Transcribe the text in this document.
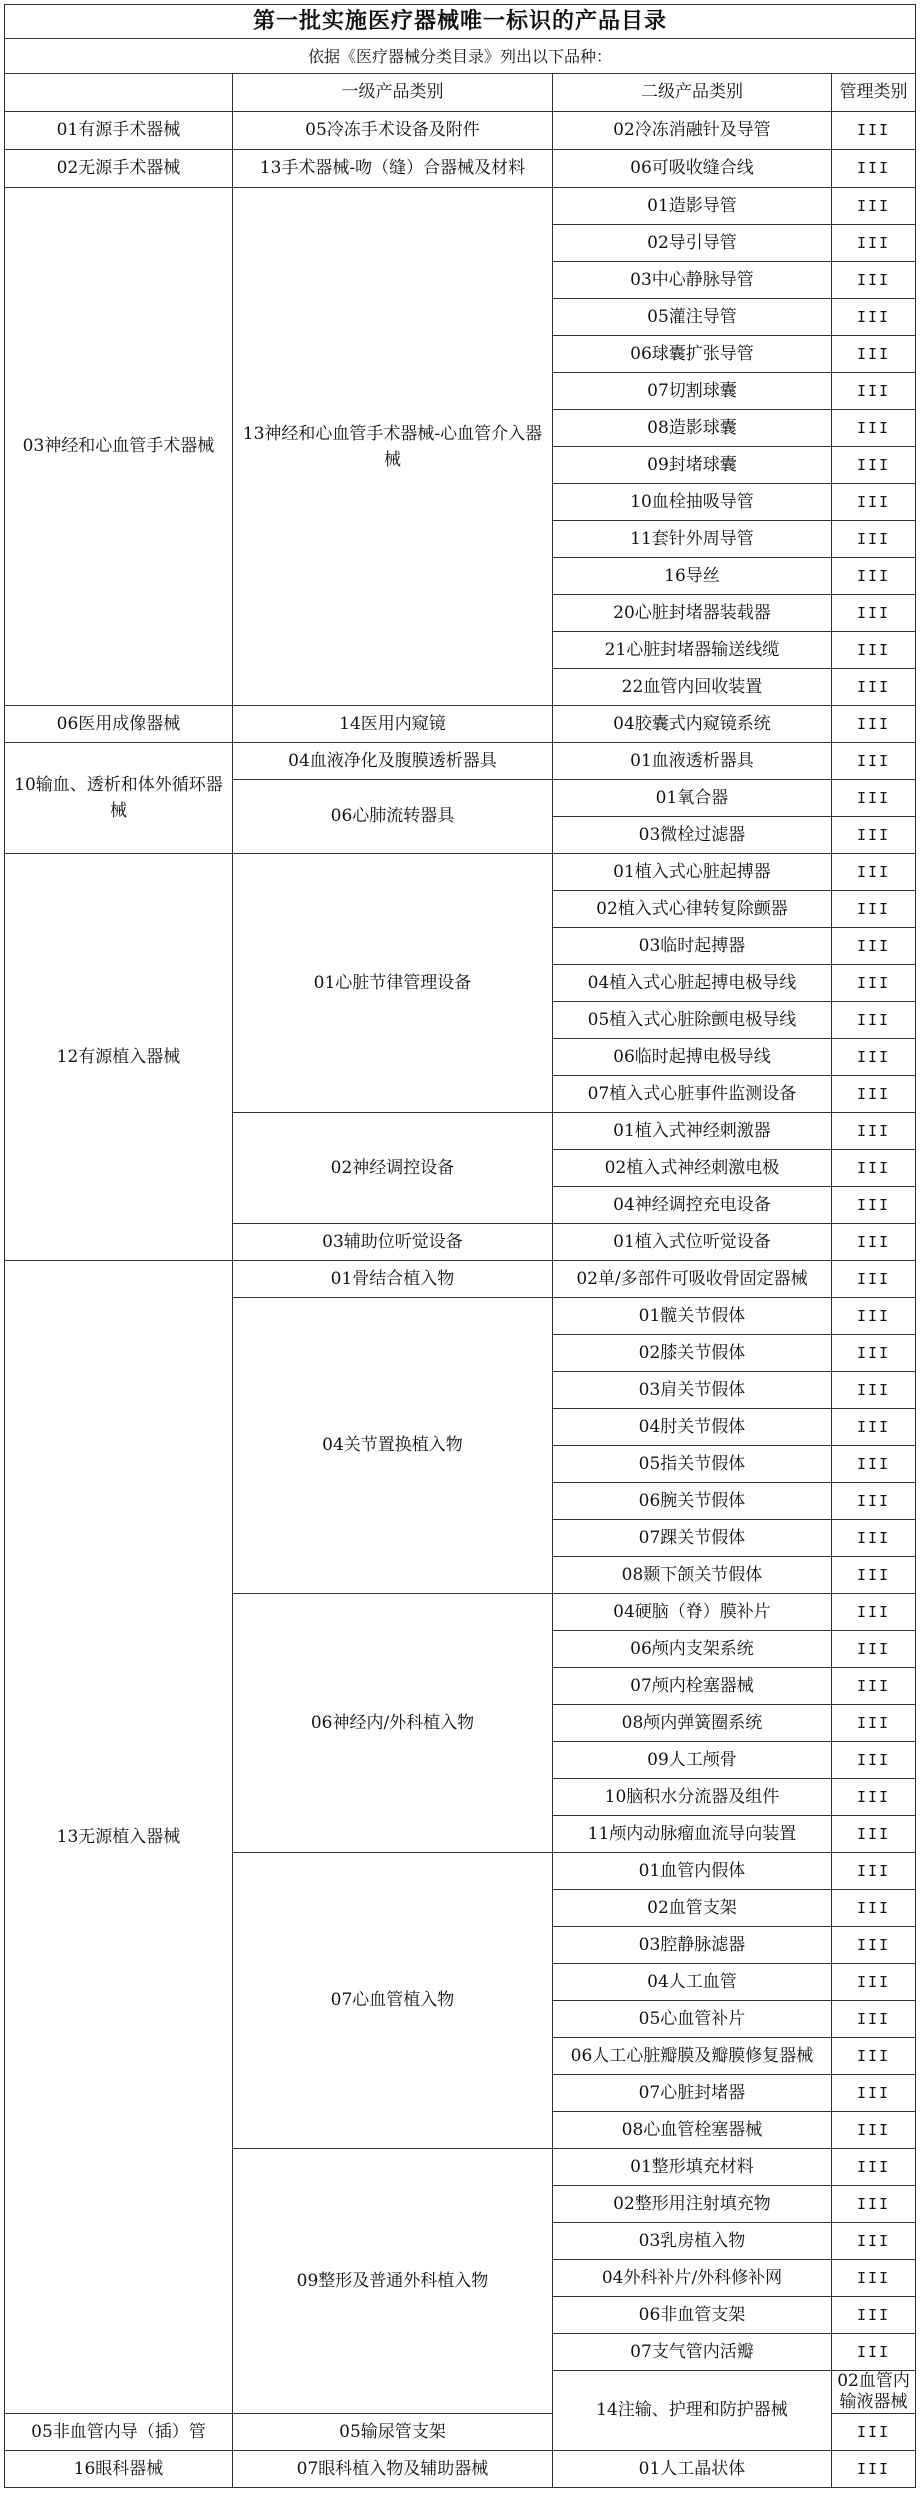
第一批实施医疗器械唯一标识的产品目录				
依据《医疗器械分类目录》列出以下品种：				
	一级产品类别	二级产品类别	管理类别	
01有源手术器械	05冷冻手术设备及附件	02冷冻消融针及导管	III	
02无源手术器械	13手术器械-吻（缝）合器械及材料	06可吸收缝合线	III	
03神经和心血管手术器械	13神经和心血管手术器械-心血管介入器械	01造影导管	III	
		02导引导管	III	
		03中心静脉导管	III	
		05灌注导管	III	
		06球囊扩张导管	III	
		07切割球囊	III	
		08造影球囊	III	
		09封堵球囊	III	
		10血栓抽吸导管	III	
		11套针外周导管	III	
		16导丝	III	
		20心脏封堵器装载器	III	
		21心脏封堵器输送线缆	III	
		22血管内回收装置	III	
06医用成像器械	14医用内窥镜	04胶囊式内窥镜系统	III	
10输血、透析和体外循环器械	04血液净化及腹膜透析器具	01血液透析器具	III	
	06心肺流转器具	01氧合器	III	
		03微栓过滤器	III	
12有源植入器械	01心脏节律管理设备	01植入式心脏起搏器	III	
		02植入式心律转复除颤器	III	
		03临时起搏器	III	
		04植入式心脏起搏电极导线	III	
		05植入式心脏除颤电极导线	III	
		06临时起搏电极导线	III	
		07植入式心脏事件监测设备	III	
	02神经调控设备	01植入式神经刺激器	III	
		02植入式神经刺激电极	III	
		04神经调控充电设备	III	
	03辅助位听觉设备	01植入式位听觉设备	III	
13无源植入器械	01骨结合植入物	02单/多部件可吸收骨固定器械	III	
	04关节置换植入物	01髋关节假体	III	
		02膝关节假体	III	
		03肩关节假体	III	
		04肘关节假体	III	
		05指关节假体	III	
		06腕关节假体	III	
		07踝关节假体	III	
		08颞下颌关节假体	III	
	06神经内/外科植入物	04硬脑（脊）膜补片	III	
		06颅内支架系统	III	
		07颅内栓塞器械	III	
		08颅内弹簧圈系统	III	
		09人工颅骨	III	
		10脑积水分流器及组件	III	
		11颅内动脉瘤血流导向装置	III	
	07心血管植入物	01血管内假体	III	
		02血管支架	III	
		03腔静脉滤器	III	
		04人工血管	III	
		05心血管补片	III	
		06人工心脏瓣膜及瓣膜修复器械	III	
		07心脏封堵器	III	
		08心血管栓塞器械	III	
	09整形及普通外科植入物	01整形填充材料	III	
		02整形用注射填充物	III	
		03乳房植入物	III	
		04外科补片/外科修补网	III	
		06非血管支架	III	
		07支气管内活瓣	III	
		14注输、护理和防护器械	02血管内输液器械		
05非血管内导（插）管	05输尿管支架		III	
16眼科器械	07眼科植入物及辅助器械	01人工晶状体	III	
